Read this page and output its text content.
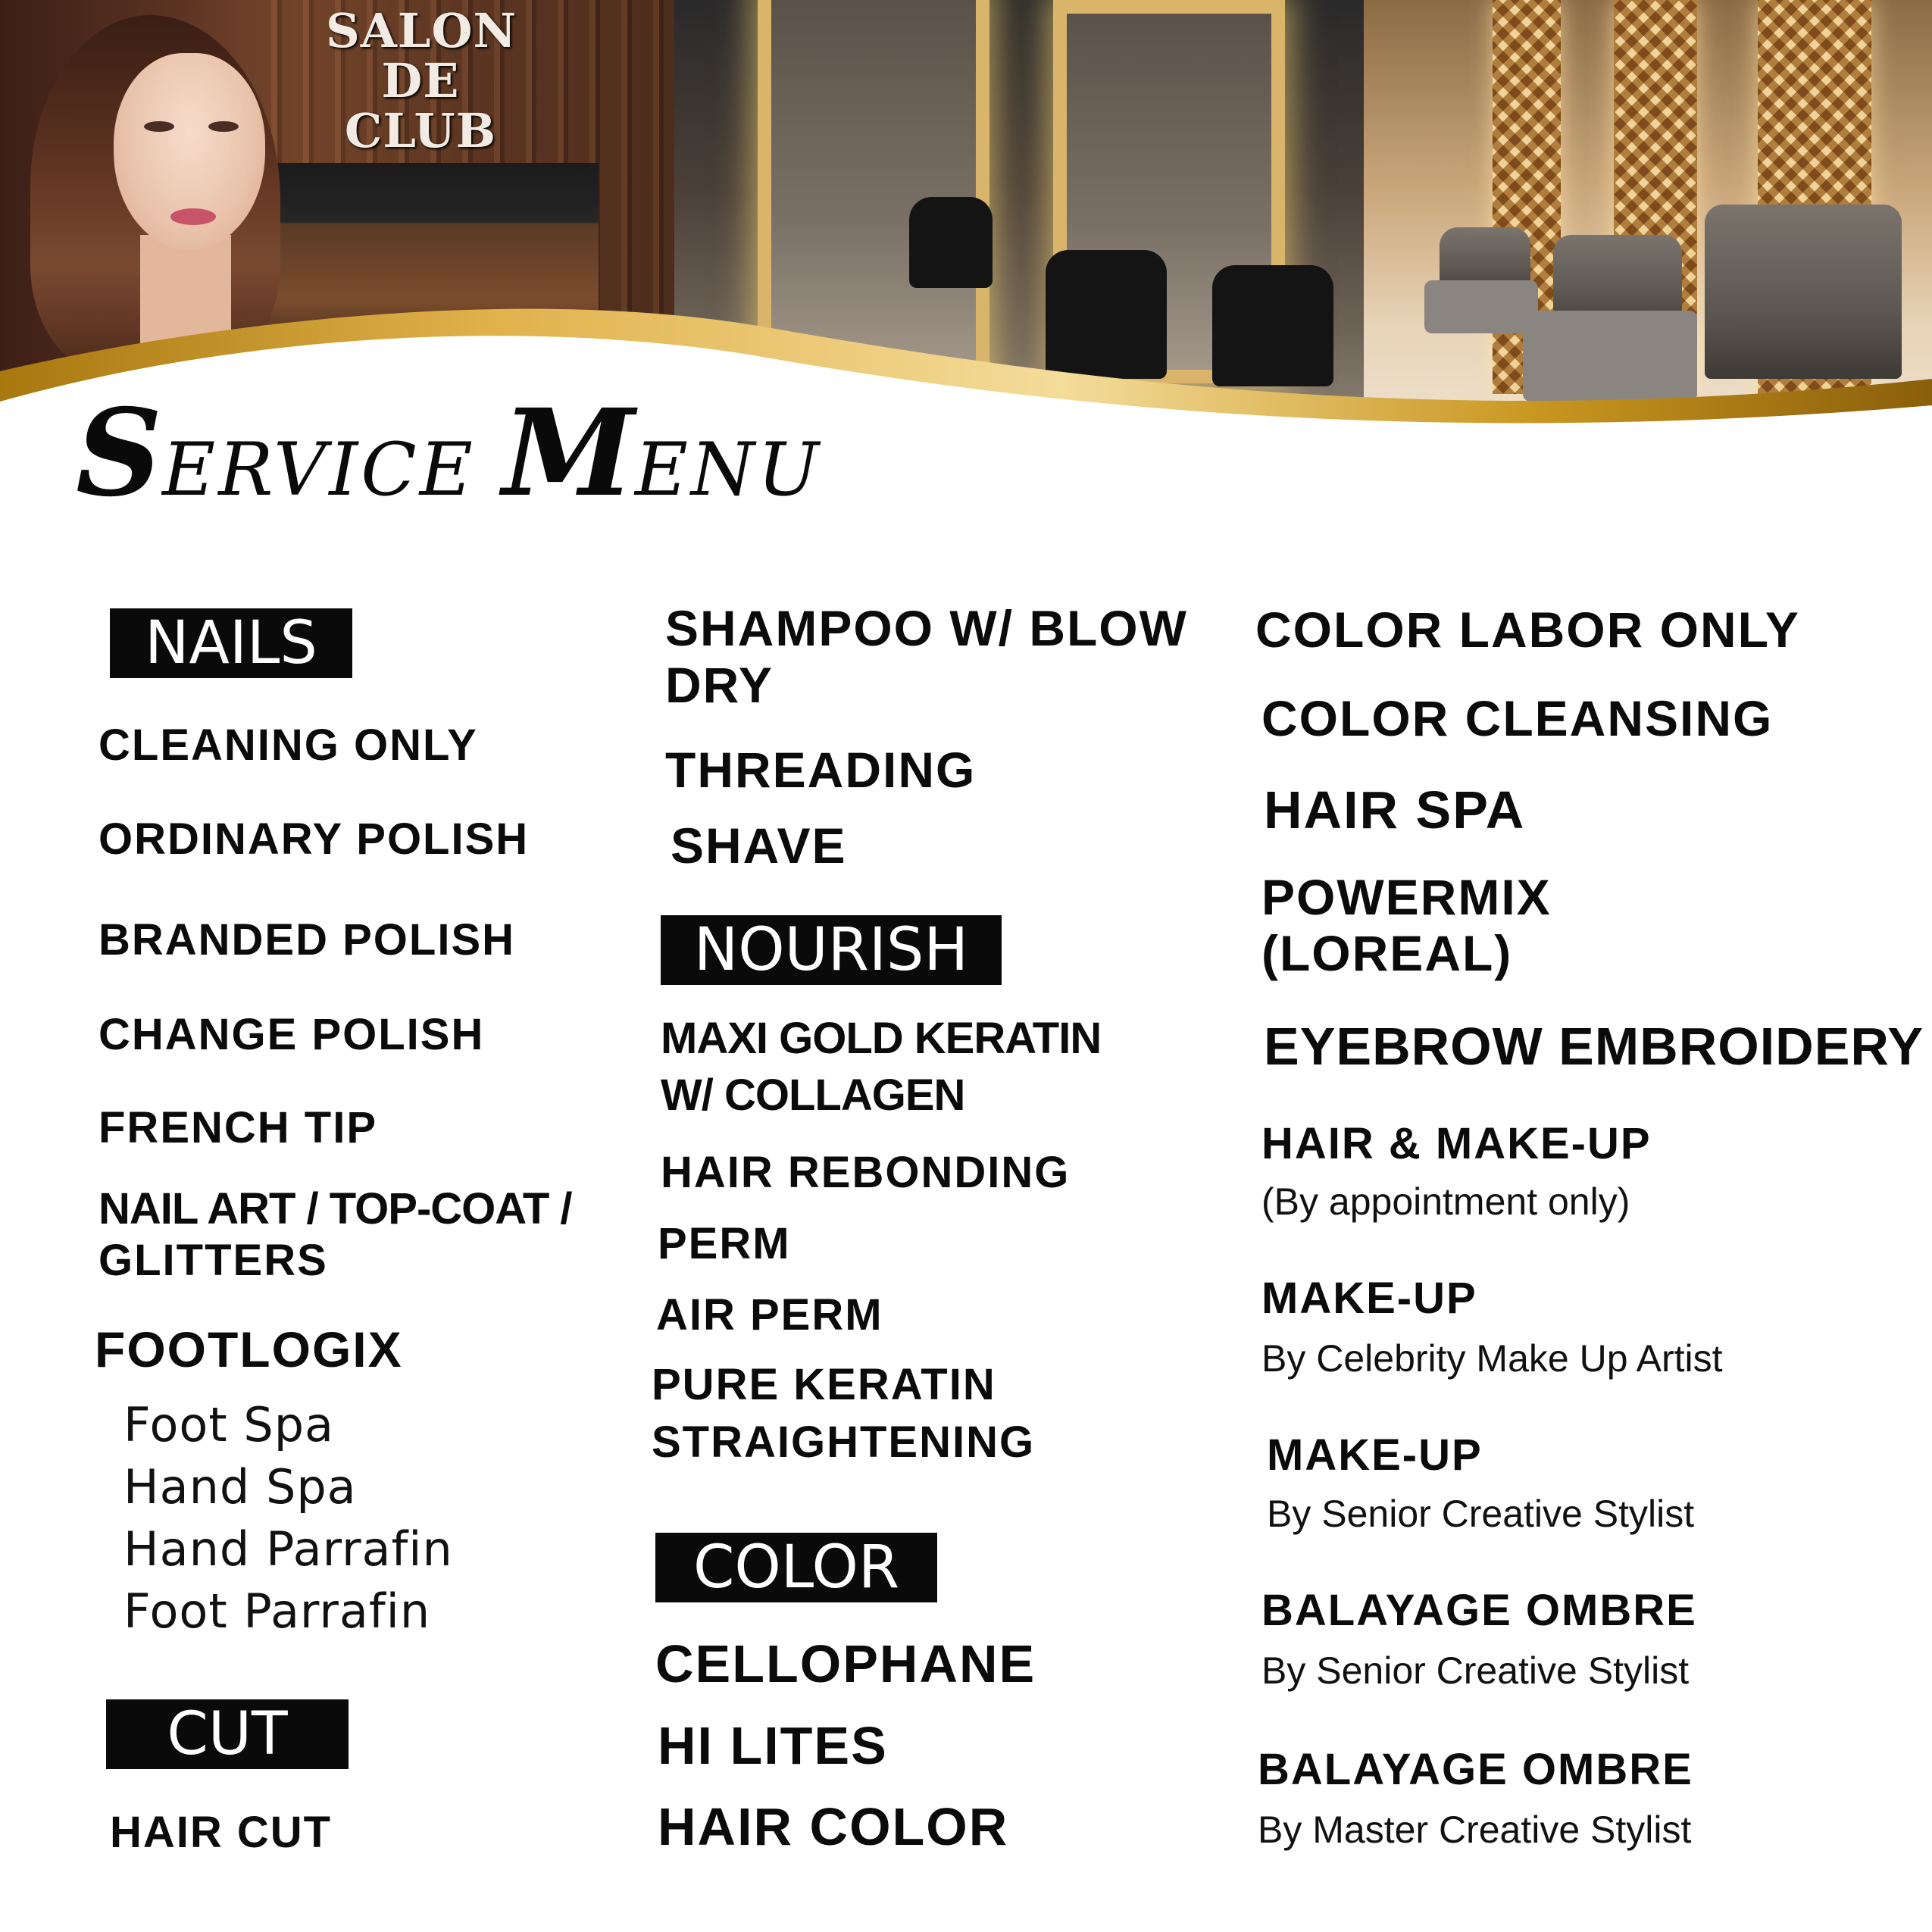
SALON
DE
CLUB
SERVICE MENU
NAILS
CLEANING ONLY
ORDINARY POLISH
BRANDED POLISH
CHANGE POLISH
FRENCH TIP
NAIL ART / TOP-COAT /
GLITTERS
FOOTLOGIX
Foot Spa
Hand Spa
Hand Parrafin
Foot Parrafin
CUT
HAIR CUT
SHAMPOO W/ BLOW
DRY
THREADING
SHAVE
NOURISH
MAXI GOLD KERATIN
W/ COLLAGEN
HAIR REBONDING
PERM
AIR PERM
PURE KERATIN
STRAIGHTENING
COLOR
CELLOPHANE
HI LITES
HAIR COLOR
COLOR LABOR ONLY
COLOR CLEANSING
HAIR SPA
POWERMIX
(LOREAL)
EYEBROW EMBROIDERY
HAIR & MAKE-UP
(By appointment only)
MAKE-UP
By Celebrity Make Up Artist
MAKE-UP
By Senior Creative Stylist
BALAYAGE OMBRE
By Senior Creative Stylist
BALAYAGE OMBRE
By Master Creative Stylist
